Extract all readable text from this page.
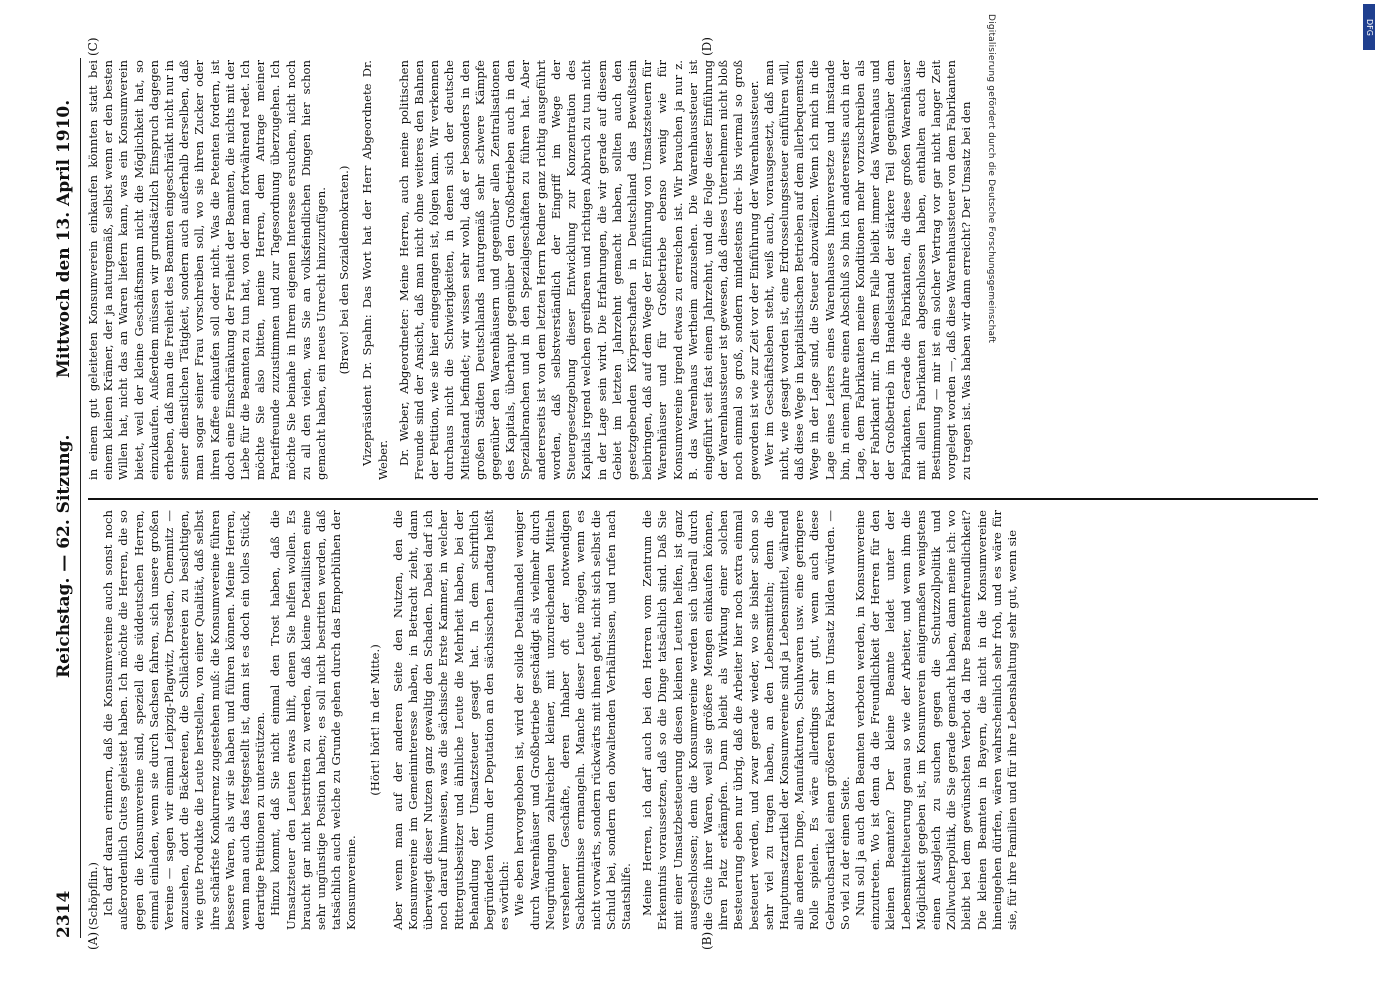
2314
Reichstag. — 62. Sitzung.
Mittwoch den 13. April 1910.
(A)	(B)
(C)	(D)

(Schöpflin.) Ich darf daran erinnern, daß die Konsumvereine auch sonst noch außerordentlich Gutes geleistet haben. Ich möchte die Herren, die so gegen die Konsumvereine sind, speziell die süddeutschen Herren, einmal einladen, wenn sie durch Sachsen fahren, sich unsere großen Vereine — sagen wir einmal Leipzig-Plagwitz, Dresden, Chemnitz — anzusehen, dort die Bäckereien, die Schlächtereien zu besichtigen, wie gute Produkte die Leute herstellen, von einer Qualität, daß selbst ihre schärfste Konkurrenz zugestehen muß: die Konsumvereine führen bessere Waren, als wir sie haben und führen können. Meine Herren, wenn man auch das festgestellt ist, dann ist es doch ein tolles Stück, derartige Petitionen zu unterstützen. Hinzu kommt, daß Sie nicht einmal den Trost haben, daß die Umsatzsteuer den Leuten etwas hilft, denen Sie helfen wollen. Es braucht gar nicht bestritten zu werden, daß kleine Detaillisten eine sehr ungünstige Position haben; es soll nicht bestritten werden, daß tatsächlich auch welche zu Grunde gehen durch das Emporblühen der Konsumvereine.

(Hört! hört! in der Mitte.) Aber wenn man auf der anderen Seite den Nutzen, den die Konsumvereine im Gemeininteresse haben, in Betracht zieht, dann überwiegt dieser Nutzen ganz gewaltig den Schaden. Dabei darf ich noch darauf hinweisen, was die sächsische Erste Kammer, in welcher Rittergutsbesitzer und ähnliche Leute die Mehrheit haben, bei der Behandlung der Umsatzsteuer gesagt hat. In dem schriftlich begründeten Votum der Deputation an den sächsischen Landtag heißt es wörtlich: Wie eben hervorgehoben ist, wird der solide Detailhandel weniger durch Warenhäuser und Großbetriebe geschädigt als vielmehr durch Neugründungen zahlreicher kleiner, mit unzureichenden Mitteln versehener Geschäfte, deren Inhaber oft der notwendigen Sachkenntnisse ermangeln. Manche dieser Leute mögen, wenn es nicht vorwärts, sondern rückwärts mit ihnen geht, nicht sich selbst die Schuld bei, sondern den obwaltenden Verhältnissen, und rufen nach Staatshilfe. Meine Herren, ich darf auch bei den Herren vom Zentrum die Erkenntnis voraussetzen, daß so die Dinge tatsächlich sind. Daß Sie mit einer Umsatzbesteuerung diesen kleinen Leuten helfen, ist ganz ausgeschlossen; denn die Konsumvereine werden sich überall durch die Güte ihrer Waren, weil sie größere Mengen einkaufen können, ihren Platz erkämpfen. Dann bleibt als Wirkung einer solchen Besteuerung eben nur übrig, daß die Arbeiter hier noch extra einmal besteuert werden, und zwar gerade wieder, wo sie bisher schon so sehr viel zu tragen haben, an den Lebensmitteln; denn die Hauptumsatzartikel der Konsumvereine sind ja Lebensmittel, während alle anderen Dinge, Manufakturen, Schuhwaren usw. eine geringere Rolle spielen. Es wäre allerdings sehr gut, wenn auch diese Gebrauchsartikel einen größeren Faktor im Umsatz bilden würden. — So viel zu der einen Seite. Nun soll ja auch den Beamten verboten werden, in Konsumvereine einzutreten. Wo ist denn da die Freundlichkeit der Herren für den kleinen Beamten? Der kleine Beamte leidet unter der Lebensmittelteuerung genau so wie der Arbeiter, und wenn ihm die Möglichkeit gegeben ist, im Konsumverein einigermaßen wenigstens einen Ausgleich zu suchen gegen die Schutzzollpolitik und Zollwucherpolitik, die Sie gerade gemacht haben, dann meine ich: wo bleibt bei dem gewünschten Verbot da Ihre Beamtenfreundlichkeit? Die kleinen Beamten in Bayern, die nicht in die Konsumvereine hineingehen dürfen, wären wahrscheinlich sehr froh, und es wäre für sie, für ihre Familien und für ihre Lebenshaltung sehr gut, wenn sie

in einem gut geleiteten Konsumverein einkaufen könnten statt bei einem kleinen Krämer, der ja naturgemäß, selbst wenn er den besten Willen hat, nicht das an Waren liefern kann, was ein Konsumverein bietet, weil der kleine Geschäftsmann nicht die Möglichkeit hat, so einzukaufen. Außerdem müssen wir grundsätzlich Einspruch dagegen erheben, daß man die Freiheit des Beamten eingeschränkt nicht nur in seiner dienstlichen Tätigkeit, sondern auch außerhalb derselben, daß man sogar seiner Frau vorschreiben soll, wo sie ihren Zucker oder ihren Kaffee einkaufen soll oder nicht. Was die Petenten fordern, ist doch eine Einschränkung der Freiheit der Beamten, die nichts mit der Liebe für die Beamten zu tun hat, von der man fortwährend redet. Ich möchte Sie also bitten, meine Herren, dem Antrage meiner Parteifreunde zuzustimmen und zur Tagesordnung überzugehen. Ich möchte Sie beinahe in Ihrem eigenen Interesse ersuchen, nicht noch zu all den vielen, was Sie an volksfeindlichen Dingen hier schon gemacht haben, ein neues Unrecht hinzuzufügen. (Bravo! bei den Sozialdemokraten.) Vizepräsident Dr. Spahn: Das Wort hat der Herr Abgeordnete Dr. Weber. Dr. Weber, Abgeordneter: Meine Herren, auch meine politischen Freunde sind der Ansicht, daß man nicht ohne weiteres den Bahnen der Petition, wie sie hier eingegangen ist, folgen kann. Wir verkennen durchaus nicht die Schwierigkeiten, in denen sich der deutsche Mittelstand befindet; wir wissen sehr wohl, daß er besonders in den großen Städten Deutschlands naturgemäß sehr schwere Kämpfe gegenüber den Warenhäusern und gegenüber allen Zentralisationen des Kapitals, überhaupt gegenüber den Großbetrieben auch in den Spezialbranchen und in den Spezialgeschäften zu führen hat. Aber andererseits ist von dem letzten Herrn Redner ganz richtig ausgeführt worden, daß selbstverständlich der Eingriff im Wege der Steuergesetzgebung dieser Entwicklung zur Konzentration des Kapitals irgend welchen greifbaren und richtigen Abbruch zu tun nicht in der Lage sein wird. Die Erfahrungen, die wir gerade auf diesem Gebiet im letzten Jahrzehnt gemacht haben, sollten auch den gesetzgebenden Körperschaften in Deutschland das Bewußtsein beibringen, daß auf dem Wege der Einführung von Umsatzsteuern für Warenhäuser und für Großbetriebe ebenso wenig wie für Konsumvereine irgend etwas zu erreichen ist. Wir brauchen ja nur z. B. das Warenhaus Wertheim anzusehen. Die Warenhaussteuer ist eingeführt seit fast einem Jahrzehnt, und die Folge dieser Einführung der Warenhaussteuer ist gewesen, daß dieses Unternehmen nicht bloß noch einmal so groß, sondern mindestens drei- bis viermal so groß geworden ist wie zur Zeit vor der Einführung der Warenhaussteuer. Wer im Geschäftsleben steht, weiß auch, vorausgesetzt, daß man nicht, wie gesagt worden ist, eine Erdrosselungssteuer einführen will, daß diese Wege in kapitalistischen Betrieben auf dem allerbequemsten Wege in der Lage sind, die Steuer abzuwälzen. Wenn ich mich in die Lage eines Leiters eines Warenhauses hineinversetze und imstande bin, in einem Jahre einen Abschluß so bin ich andererseits auch in der Lage, dem Fabrikanten meine Konditionen mehr vorzuschreiben als der Fabrikant mir. In diesem Falle bleibt immer das Warenhaus und der Großbetrieb im Handelsstand der stärkere Teil gegenüber dem Fabrikanten. Gerade die Fabrikanten, die diese großen Warenhäuser mit allen Fabrikanten abgeschlossen haben, enthalten auch die Bestimmung — mir ist ein solcher Vertrag vor gar nicht langer Zeit vorgelegt worden —, daß diese Warenhaussteuer von dem Fabrikanten zu tragen ist. Was haben wir dann erreicht? Der Umsatz bei den Digitalisierung gefördert durch die Deutsche Forschungsgemeinschaft	DFG
